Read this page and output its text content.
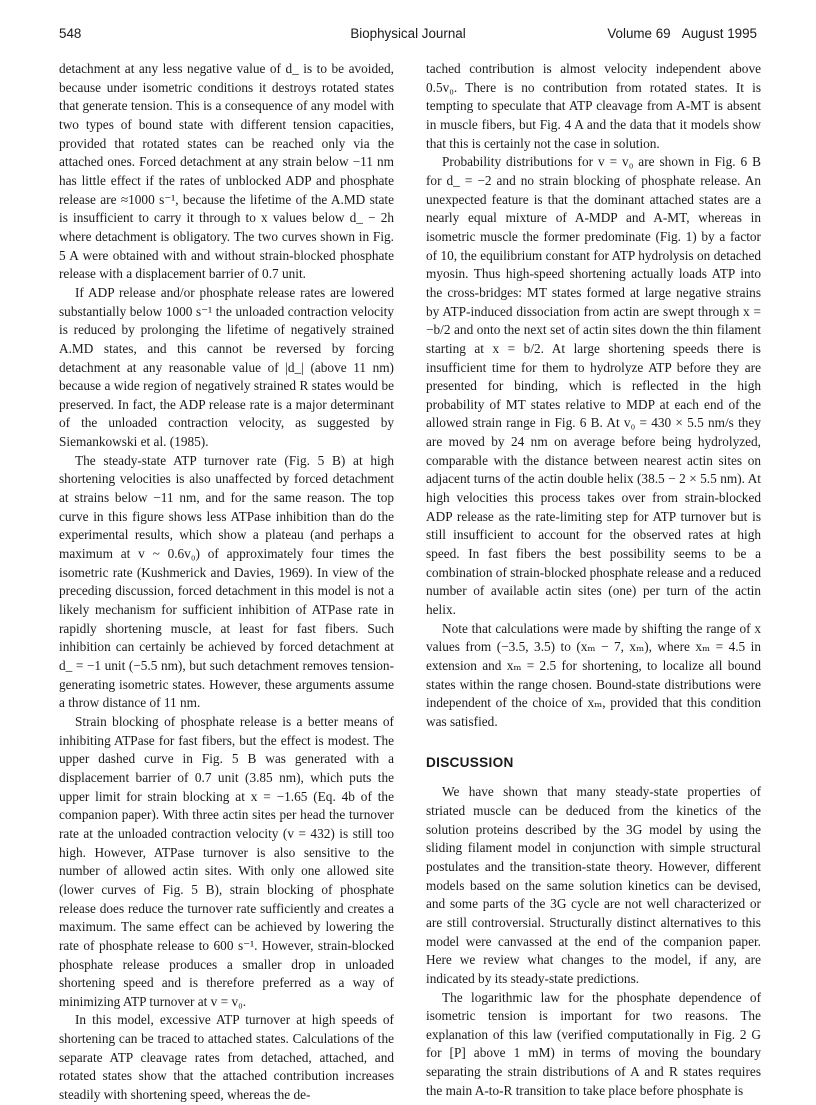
548	Biophysical Journal	Volume 69 August 1995

detachment at any less negative value of d_ is to be avoided, because under isometric conditions it destroys rotated states that generate tension. This is a consequence of any model with two types of bound state with different tension capacities, provided that rotated states can be reached only via the attached ones. Forced detachment at any strain below −11 nm has little effect if the rates of unblocked ADP and phosphate release are ≈1000 s⁻¹, because the lifetime of the A.MD state is insufficient to carry it through to x values below d_ − 2h where detachment is obligatory. The two curves shown in Fig. 5 A were obtained with and without strain-blocked phosphate release with a displacement barrier of 0.7 unit.

If ADP release and/or phosphate release rates are lowered substantially below 1000 s⁻¹ the unloaded contraction velocity is reduced by prolonging the lifetime of negatively strained A.MD states, and this cannot be reversed by forcing detachment at any reasonable value of |d_| (above 11 nm) because a wide region of negatively strained R states would be preserved. In fact, the ADP release rate is a major determinant of the unloaded contraction velocity, as suggested by Siemankowski et al. (1985).

The steady-state ATP turnover rate (Fig. 5 B) at high shortening velocities is also unaffected by forced detachment at strains below −11 nm, and for the same reason. The top curve in this figure shows less ATPase inhibition than do the experimental results, which show a plateau (and perhaps a maximum at v ~ 0.6v₀) of approximately four times the isometric rate (Kushmerick and Davies, 1969). In view of the preceding discussion, forced detachment in this model is not a likely mechanism for sufficient inhibition of ATPase rate in rapidly shortening muscle, at least for fast fibers. Such inhibition can certainly be achieved by forced detachment at d_ = −1 unit (−5.5 nm), but such detachment removes tension-generating isometric states. However, these arguments assume a throw distance of 11 nm.

Strain blocking of phosphate release is a better means of inhibiting ATPase for fast fibers, but the effect is modest. The upper dashed curve in Fig. 5 B was generated with a displacement barrier of 0.7 unit (3.85 nm), which puts the upper limit for strain blocking at x = −1.65 (Eq. 4b of the companion paper). With three actin sites per head the turnover rate at the unloaded contraction velocity (v = 432) is still too high. However, ATPase turnover is also sensitive to the number of allowed actin sites. With only one allowed site (lower curves of Fig. 5 B), strain blocking of phosphate release does reduce the turnover rate sufficiently and creates a maximum. The same effect can be achieved by lowering the rate of phosphate release to 600 s⁻¹. However, strain-blocked phosphate release produces a smaller drop in unloaded shortening speed and is therefore preferred as a way of minimizing ATP turnover at v = v₀.

In this model, excessive ATP turnover at high speeds of shortening can be traced to attached states. Calculations of the separate ATP cleavage rates from detached, attached, and rotated states show that the attached contribution increases steadily with shortening speed, whereas the de-

tached contribution is almost velocity independent above 0.5v₀. There is no contribution from rotated states. It is tempting to speculate that ATP cleavage from A-MT is absent in muscle fibers, but Fig. 4 A and the data that it models show that this is certainly not the case in solution.

Probability distributions for v = v₀ are shown in Fig. 6 B for d_ = −2 and no strain blocking of phosphate release. An unexpected feature is that the dominant attached states are a nearly equal mixture of A-MDP and A-MT, whereas in isometric muscle the former predominate (Fig. 1) by a factor of 10, the equilibrium constant for ATP hydrolysis on detached myosin. Thus high-speed shortening actually loads ATP into the cross-bridges: MT states formed at large negative strains by ATP-induced dissociation from actin are swept through x = −b/2 and onto the next set of actin sites down the thin filament starting at x = b/2. At large shortening speeds there is insufficient time for them to hydrolyze ATP before they are presented for binding, which is reflected in the high probability of MT states relative to MDP at each end of the allowed strain range in Fig. 6 B. At v₀ = 430 × 5.5 nm/s they are moved by 24 nm on average before being hydrolyzed, comparable with the distance between nearest actin sites on adjacent turns of the actin double helix (38.5 − 2 × 5.5 nm). At high velocities this process takes over from strain-blocked ADP release as the rate-limiting step for ATP turnover but is still insufficient to account for the observed rates at high speed. In fast fibers the best possibility seems to be a combination of strain-blocked phosphate release and a reduced number of available actin sites (one) per turn of the actin helix.

Note that calculations were made by shifting the range of x values from (−3.5, 3.5) to (xₘ − 7, xₘ), where xₘ = 4.5 in extension and xₘ = 2.5 for shortening, to localize all bound states within the range chosen. Bound-state distributions were independent of the choice of xₘ, provided that this condition was satisfied.

DISCUSSION

We have shown that many steady-state properties of striated muscle can be deduced from the kinetics of the solution proteins described by the 3G model by using the sliding filament model in conjunction with simple structural postulates and the transition-state theory. However, different models based on the same solution kinetics can be devised, and some parts of the 3G cycle are not well characterized or are still controversial. Structurally distinct alternatives to this model were canvassed at the end of the companion paper. Here we review what changes to the model, if any, are indicated by its steady-state predictions.

The logarithmic law for the phosphate dependence of isometric tension is important for two reasons. The explanation of this law (verified computationally in Fig. 2 G for [P] above 1 mM) in terms of moving the boundary separating the strain distributions of A and R states requires the main A-to-R transition to take place before phosphate is
